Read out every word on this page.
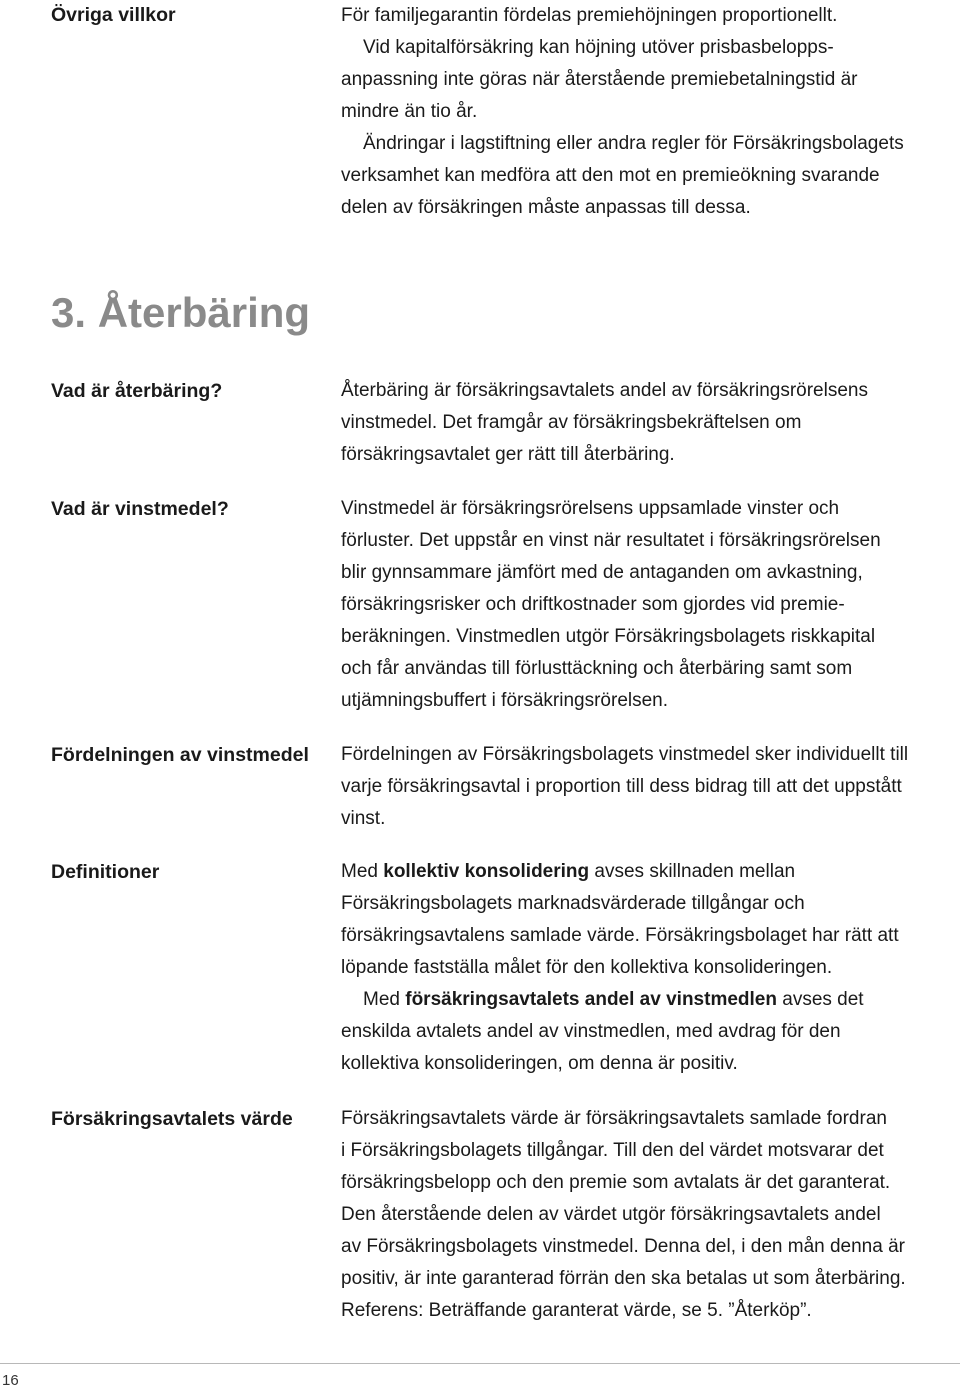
Övriga villkor	För familjegarantin fördelas premiehöjningen proportionellt.
Vid kapitalförsäkring kan höjning utöver prisbasbelopps-
anpassning inte göras när återstående premiebetalningstid är
mindre än tio år.
Ändringar i lagstiftning eller andra regler för Försäkringsbolagets
verksamhet kan medföra att den mot en premieökning svarande
delen av försäkringen måste anpassas till dessa.
3. Återbäring
Vad är återbäring?	Återbäring är försäkringsavtalets andel av försäkringsrörelsens
vinstmedel. Det framgår av försäkringsbekräftelsen om
försäkringsavtalet ger rätt till återbäring.
Vad är vinstmedel?	Vinstmedel är försäkringsrörelsens uppsamlade vinster och
förluster. Det uppstår en vinst när resultatet i försäkringsrörelsen
blir gynnsammare jämfört med de antaganden om avkastning,
försäkringsrisker och driftkostnader som gjordes vid premie-
beräkningen. Vinstmedlen utgör Försäkringsbolagets riskkapital
och får användas till förlusttäckning och återbäring samt som
utjämningsbuffert i försäkringsrörelsen.
Fördelningen av vinstmedel	Fördelningen av Försäkringsbolagets vinstmedel sker individuellt till
varje försäkringsavtal i proportion till dess bidrag till att det uppstått
vinst.
Definitioner	Med kollektiv konsolidering avses skillnaden mellan
Försäkringsbolagets marknadsvärderade tillgångar och
försäkringsavtalens samlade värde. Försäkringsbolaget har rätt att
löpande fastställa målet för den kollektiva konsolideringen.
Med försäkringsavtalets andel av vinstmedlen avses det
enskilda avtalets andel av vinstmedlen, med avdrag för den
kollektiva konsolideringen, om denna är positiv.
Försäkringsavtalets värde	Försäkringsavtalets värde är försäkringsavtalets samlade fordran
i Försäkringsbolagets tillgångar. Till den del värdet motsvarar det
försäkringsbelopp och den premie som avtalats är det garanterat.
Den återstående delen av värdet utgör försäkringsavtalets andel
av Försäkringsbolagets vinstmedel. Denna del, i den mån denna är
positiv, är inte garanterad förrän den ska betalas ut som återbäring.
Referens: Beträffande garanterat värde, se 5. ”Återköp”.
16
